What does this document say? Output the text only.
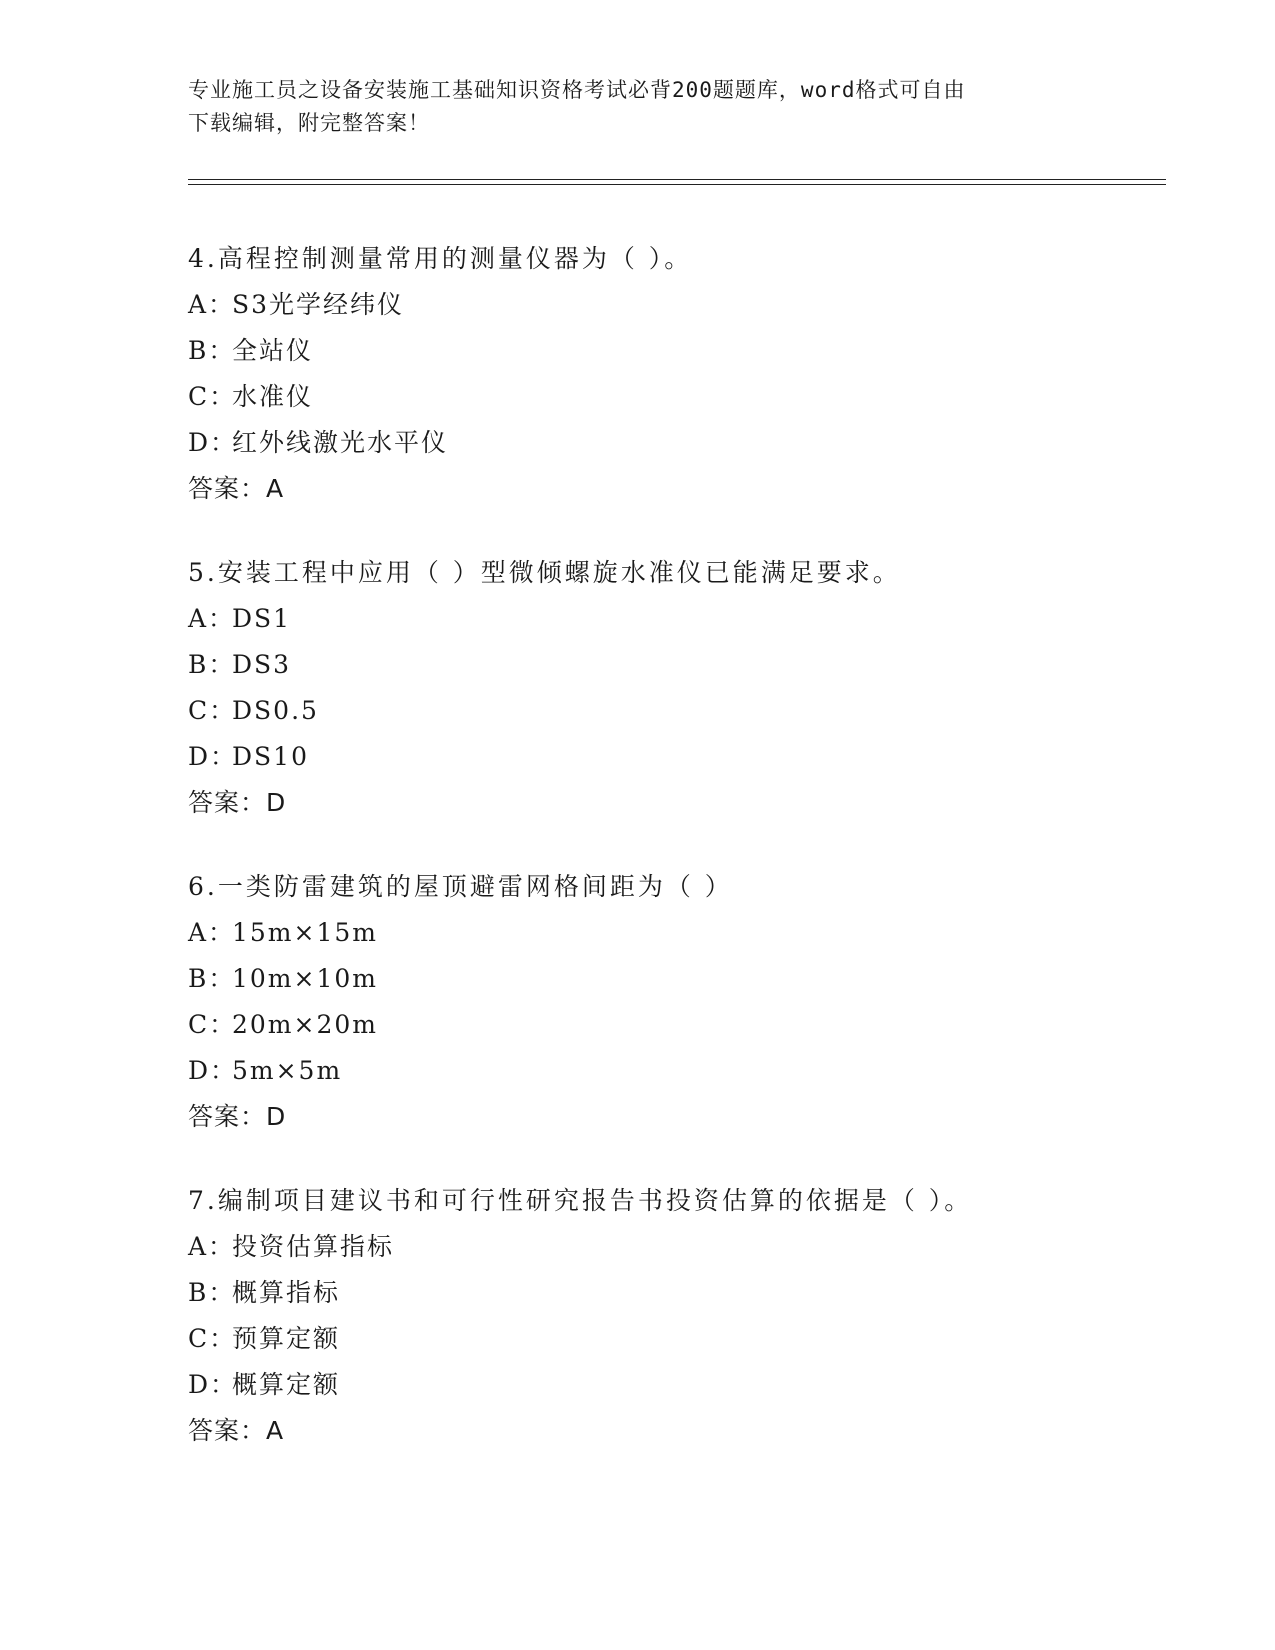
专业施工员之设备安装施工基础知识资格考试必背200题题库，word格式可自由
下载编辑，附完整答案！
4.高程控制测量常用的测量仪器为（ ）。
A：S3光学经纬仪
B：全站仪
C：水准仪
D：红外线激光水平仪
答案：A
5.安装工程中应用（ ）型微倾螺旋水准仪已能满足要求。
A：DS1
B：DS3
C：DS0.5
D：DS10
答案：D
6.一类防雷建筑的屋顶避雷网格间距为（ ）
A：15m×15m
B：10m×10m
C：20m×20m
D：5m×5m
答案：D
7.编制项目建议书和可行性研究报告书投资估算的依据是（ ）。
A：投资估算指标
B：概算指标
C：预算定额
D：概算定额
答案：A
